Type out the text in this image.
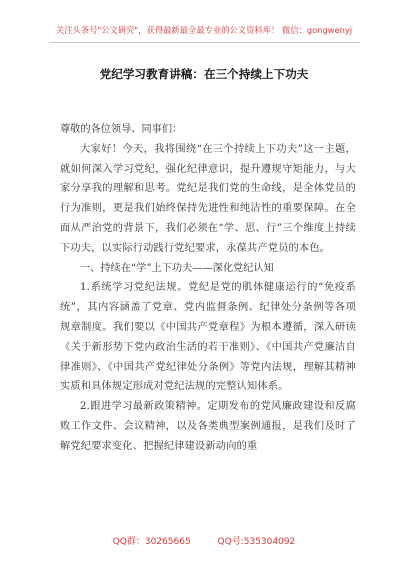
关注头条号"公文研究"，获得最新最全最专业的公文资料库！ 微信：gongwenyj
党纪学习教育讲稿：在三个持续上下功夫

尊敬的各位领导、同事们：

大家好！今天，我将围绕“在三个持续上下功夫”这一主题，就如何深入学习党纪，强化纪律意识，提升遵规守矩能力，与大家分享我的理解和思考。党纪是我们党的生命线，是全体党员的行为准则，更是我们始终保持先进性和纯洁性的重要保障。在全面从严治党的背景下，我们必须在“学、思、行”三个维度上持续下功夫，以实际行动践行党纪要求，永葆共产党员的本色。

一、持续在“学”上下功夫——深化党纪认知

1.系统学习党纪法规。党纪是党的肌体健康运行的“免疫系统”，其内容涵盖了党章、党内监督条例、纪律处分条例等各项规章制度。我们要以《中国共产党章程》为根本遵循，深入研读《关于新形势下党内政治生活的若干准则》、《中国共产党廉洁自律准则》、《中国共产党纪律处分条例》等党内法规，理解其精神实质和具体规定形成对党纪法规的完整认知体系。

2.跟进学习最新政策精神。定期发布的党风廉政建设和反腐败工作文件、会议精神，以及各类典型案例通报，是我们及时了解党纪要求变化、把握纪律建设新动向的重

QQ群：30265665	QQ号:535304092
